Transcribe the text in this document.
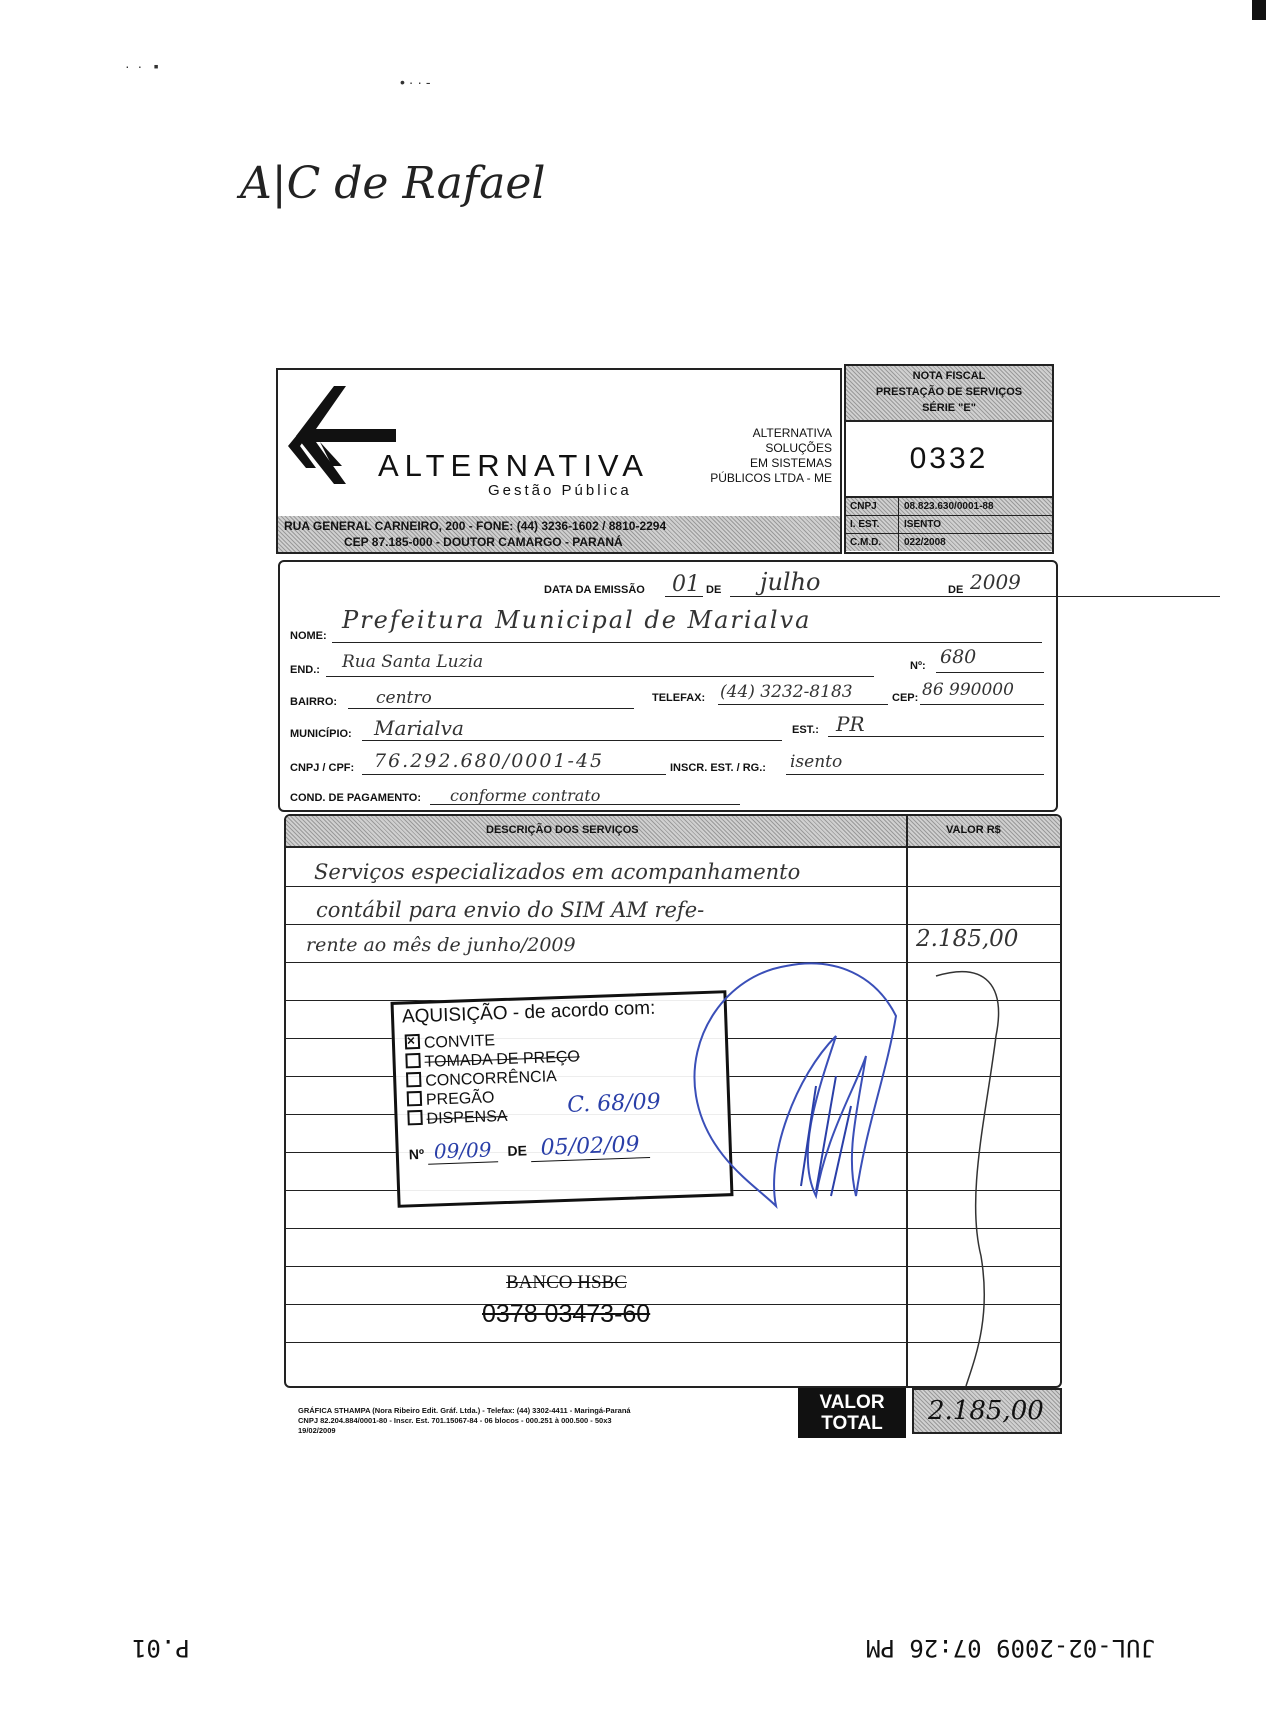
A|C de Rafael
·  ·   ▪
• · · -
ALTERNATIVA
Gestão Pública
ALTERNATIVA
SOLUÇÕES
EM SISTEMAS
PÚBLICOS LTDA - ME
RUA GENERAL CARNEIRO, 200 - FONE: (44) 3236-1602 / 8810-2294
CEP 87.185-000 - DOUTOR CAMARGO - PARANÁ
NOTA FISCAL
PRESTAÇÃO DE SERVIÇOS
SÉRIE "E"
0332
CNPJ	08.823.630/0001-88
I. EST.	ISENTO
C.M.D.	022/2008
DATA DA EMISSÃO 01 DE julho	DE 2009
NOME:
Prefeitura Municipal de Marialva
END.: Rua Santa Luzia	Nº: 680
BAIRRO: centro	TELEFAX: (44) 3232-8183	CEP: 86 990000
MUNICÍPIO: Marialva	EST.: PR
CNPJ / CPF: 76.292.680/0001-45	INSCR. EST. / RG.: isento
COND. DE PAGAMENTO: conforme contrato
DESCRIÇÃO DOS SERVIÇOS	VALOR R$
Serviços especializados em acompanhamento
contábil para envio do SIM AM refe-
rente ao mês de junho/2009	2.185,00
AQUISIÇÃO - de acordo com:
×CONVITE
TOMADA DE PREÇO
CONCORRÊNCIA
PREGÃO
DISPENSA
C. 68/09
Nº 09/09 DE 05/02/09
BANCO HSBC
0378 03473-60
GRÁFICA STHAMPA (Nora Ribeiro Edit. Gráf. Ltda.) - Telefax: (44) 3302-4411 - Maringá-Paraná
CNPJ 82.204.884/0001-80 - Inscr. Est. 701.15067-84 - 06 blocos - 000.251 à 000.500 - 50x3
19/02/2009
VALOR
TOTAL	2.185,00
P.01	JUL-02-2009 07:26 PM
